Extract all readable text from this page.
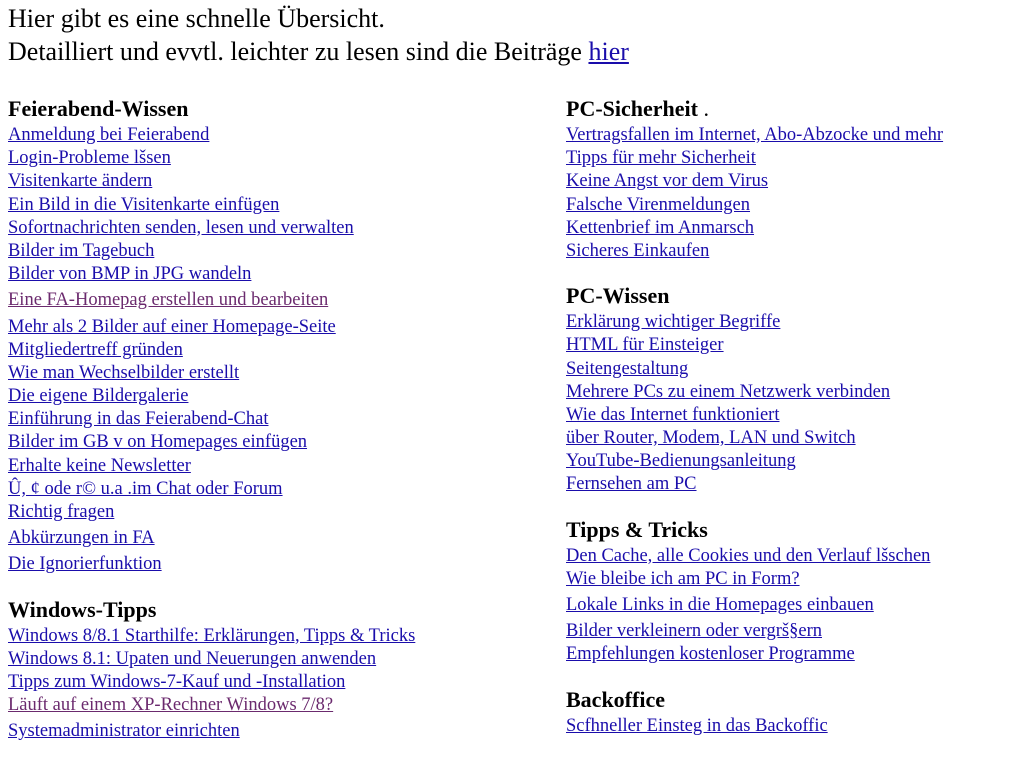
Hier gibt es eine schnelle Übersicht.
Detailliert und evvtl. leichter zu lesen sind die Beiträge hier
Feierabend-Wissen
Anmeldung bei Feierabend
Login-Probleme lšsen
Visitenkarte ändern
Ein Bild in die Visitenkarte einfügen
Sofortnachrichten senden, lesen und verwalten
Bilder im Tagebuch
Bilder von BMP in JPG wandeln
Eine FA-Homepag erstellen und bearbeiten
Mehr als 2 Bilder auf einer Homepage-Seite
Mitgliedertreff gründen
Wie man Wechselbilder erstellt
Die eigene Bildergalerie
Einführung in das Feierabend-Chat
Bilder im GB v on Homepages einfügen
Erhalte keine Newsletter
Û, ¢ ode r© u.a .im Chat oder Forum
Richtig fragen
Abkürzungen in FA
Die Ignorierfunktion
Windows-Tipps
Windows 8/8.1 Starthilfe: Erklärungen, Tipps & Tricks
Windows 8.1: Upaten und Neuerungen anwenden
Tipps zum Windows-7-Kauf und -Installation
Läuft auf einem XP-Rechner Windows 7/8?
Systemadministrator einrichten
PC-Sicherheit .
Vertragsfallen im Internet, Abo-Abzocke und mehr
Tipps für mehr Sicherheit
Keine Angst vor dem Virus
Falsche Virenmeldungen
Kettenbrief im Anmarsch
Sicheres Einkaufen
PC-Wissen
Erklärung wichtiger Begriffe
HTML für Einsteiger
Seitengestaltung
Mehrere PCs zu einem Netzwerk verbinden
Wie das Internet funktioniert
über Router, Modem, LAN und Switch
YouTube-Bedienungsanleitung
Fernsehen am PC
Tipps & Tricks
Den Cache, alle Cookies und den Verlauf lšschen
Wie bleibe ich am PC in Form?
Lokale Links in die Homepages einbauen
Bilder verkleinern oder vergrš§ern
Empfehlungen kostenloser Programme
Backoffice
Scfhneller Einsteg in das Backoffic
